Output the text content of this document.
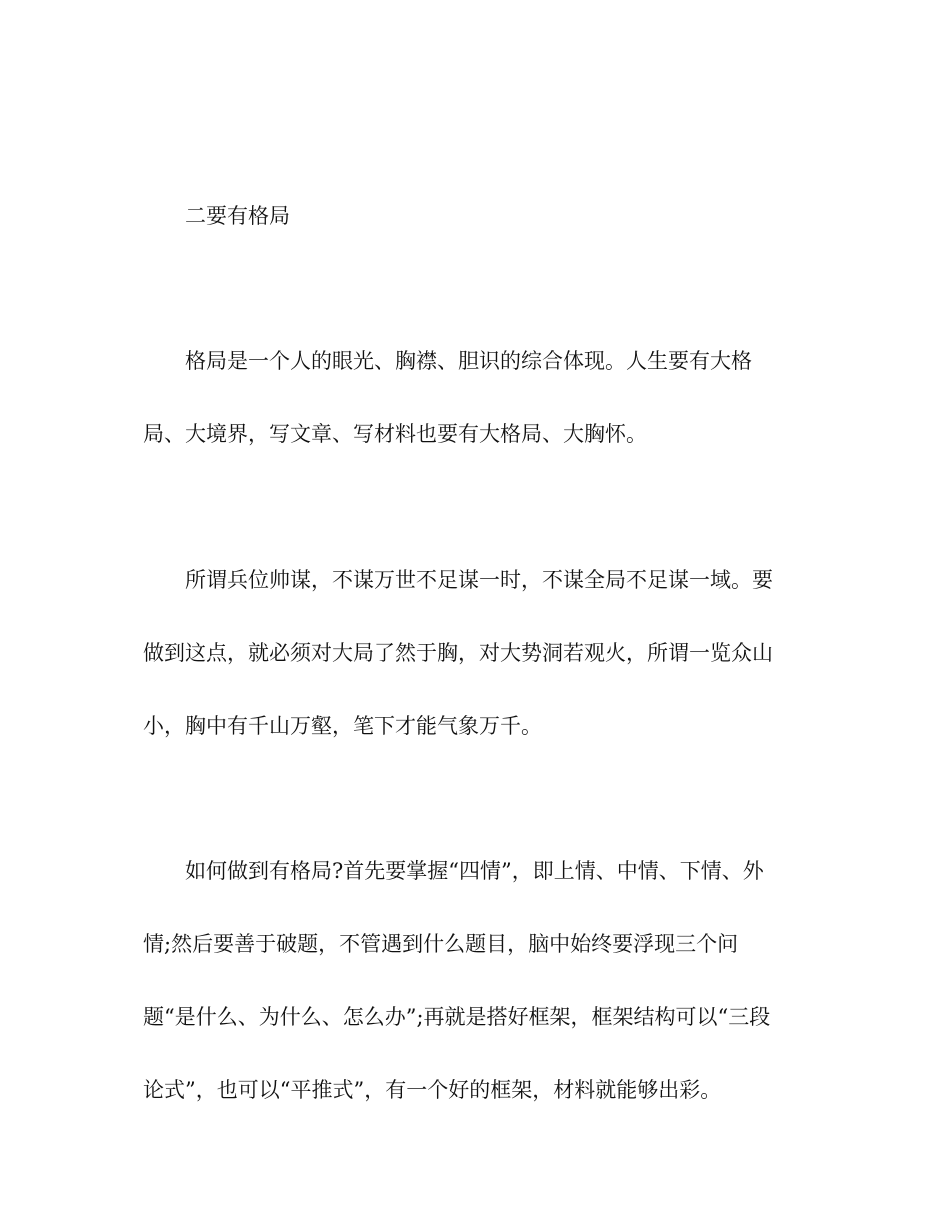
二要有格局
格局是一个人的眼光、胸襟、胆识的综合体现。人生要有大格
局、大境界，写文章、写材料也要有大格局、大胸怀。
所谓兵位帅谋，不谋万世不足谋一时，不谋全局不足谋一域。要
做到这点，就必须对大局了然于胸，对大势洞若观火，所谓一览众山
小，胸中有千山万壑，笔下才能气象万千。
如何做到有格局?首先要掌握“四情”，即上情、中情、下情、外
情;然后要善于破题，不管遇到什么题目，脑中始终要浮现三个问
题“是什么、为什么、怎么办”;再就是搭好框架，框架结构可以“三段
论式”，也可以“平推式”，有一个好的框架，材料就能够出彩。
